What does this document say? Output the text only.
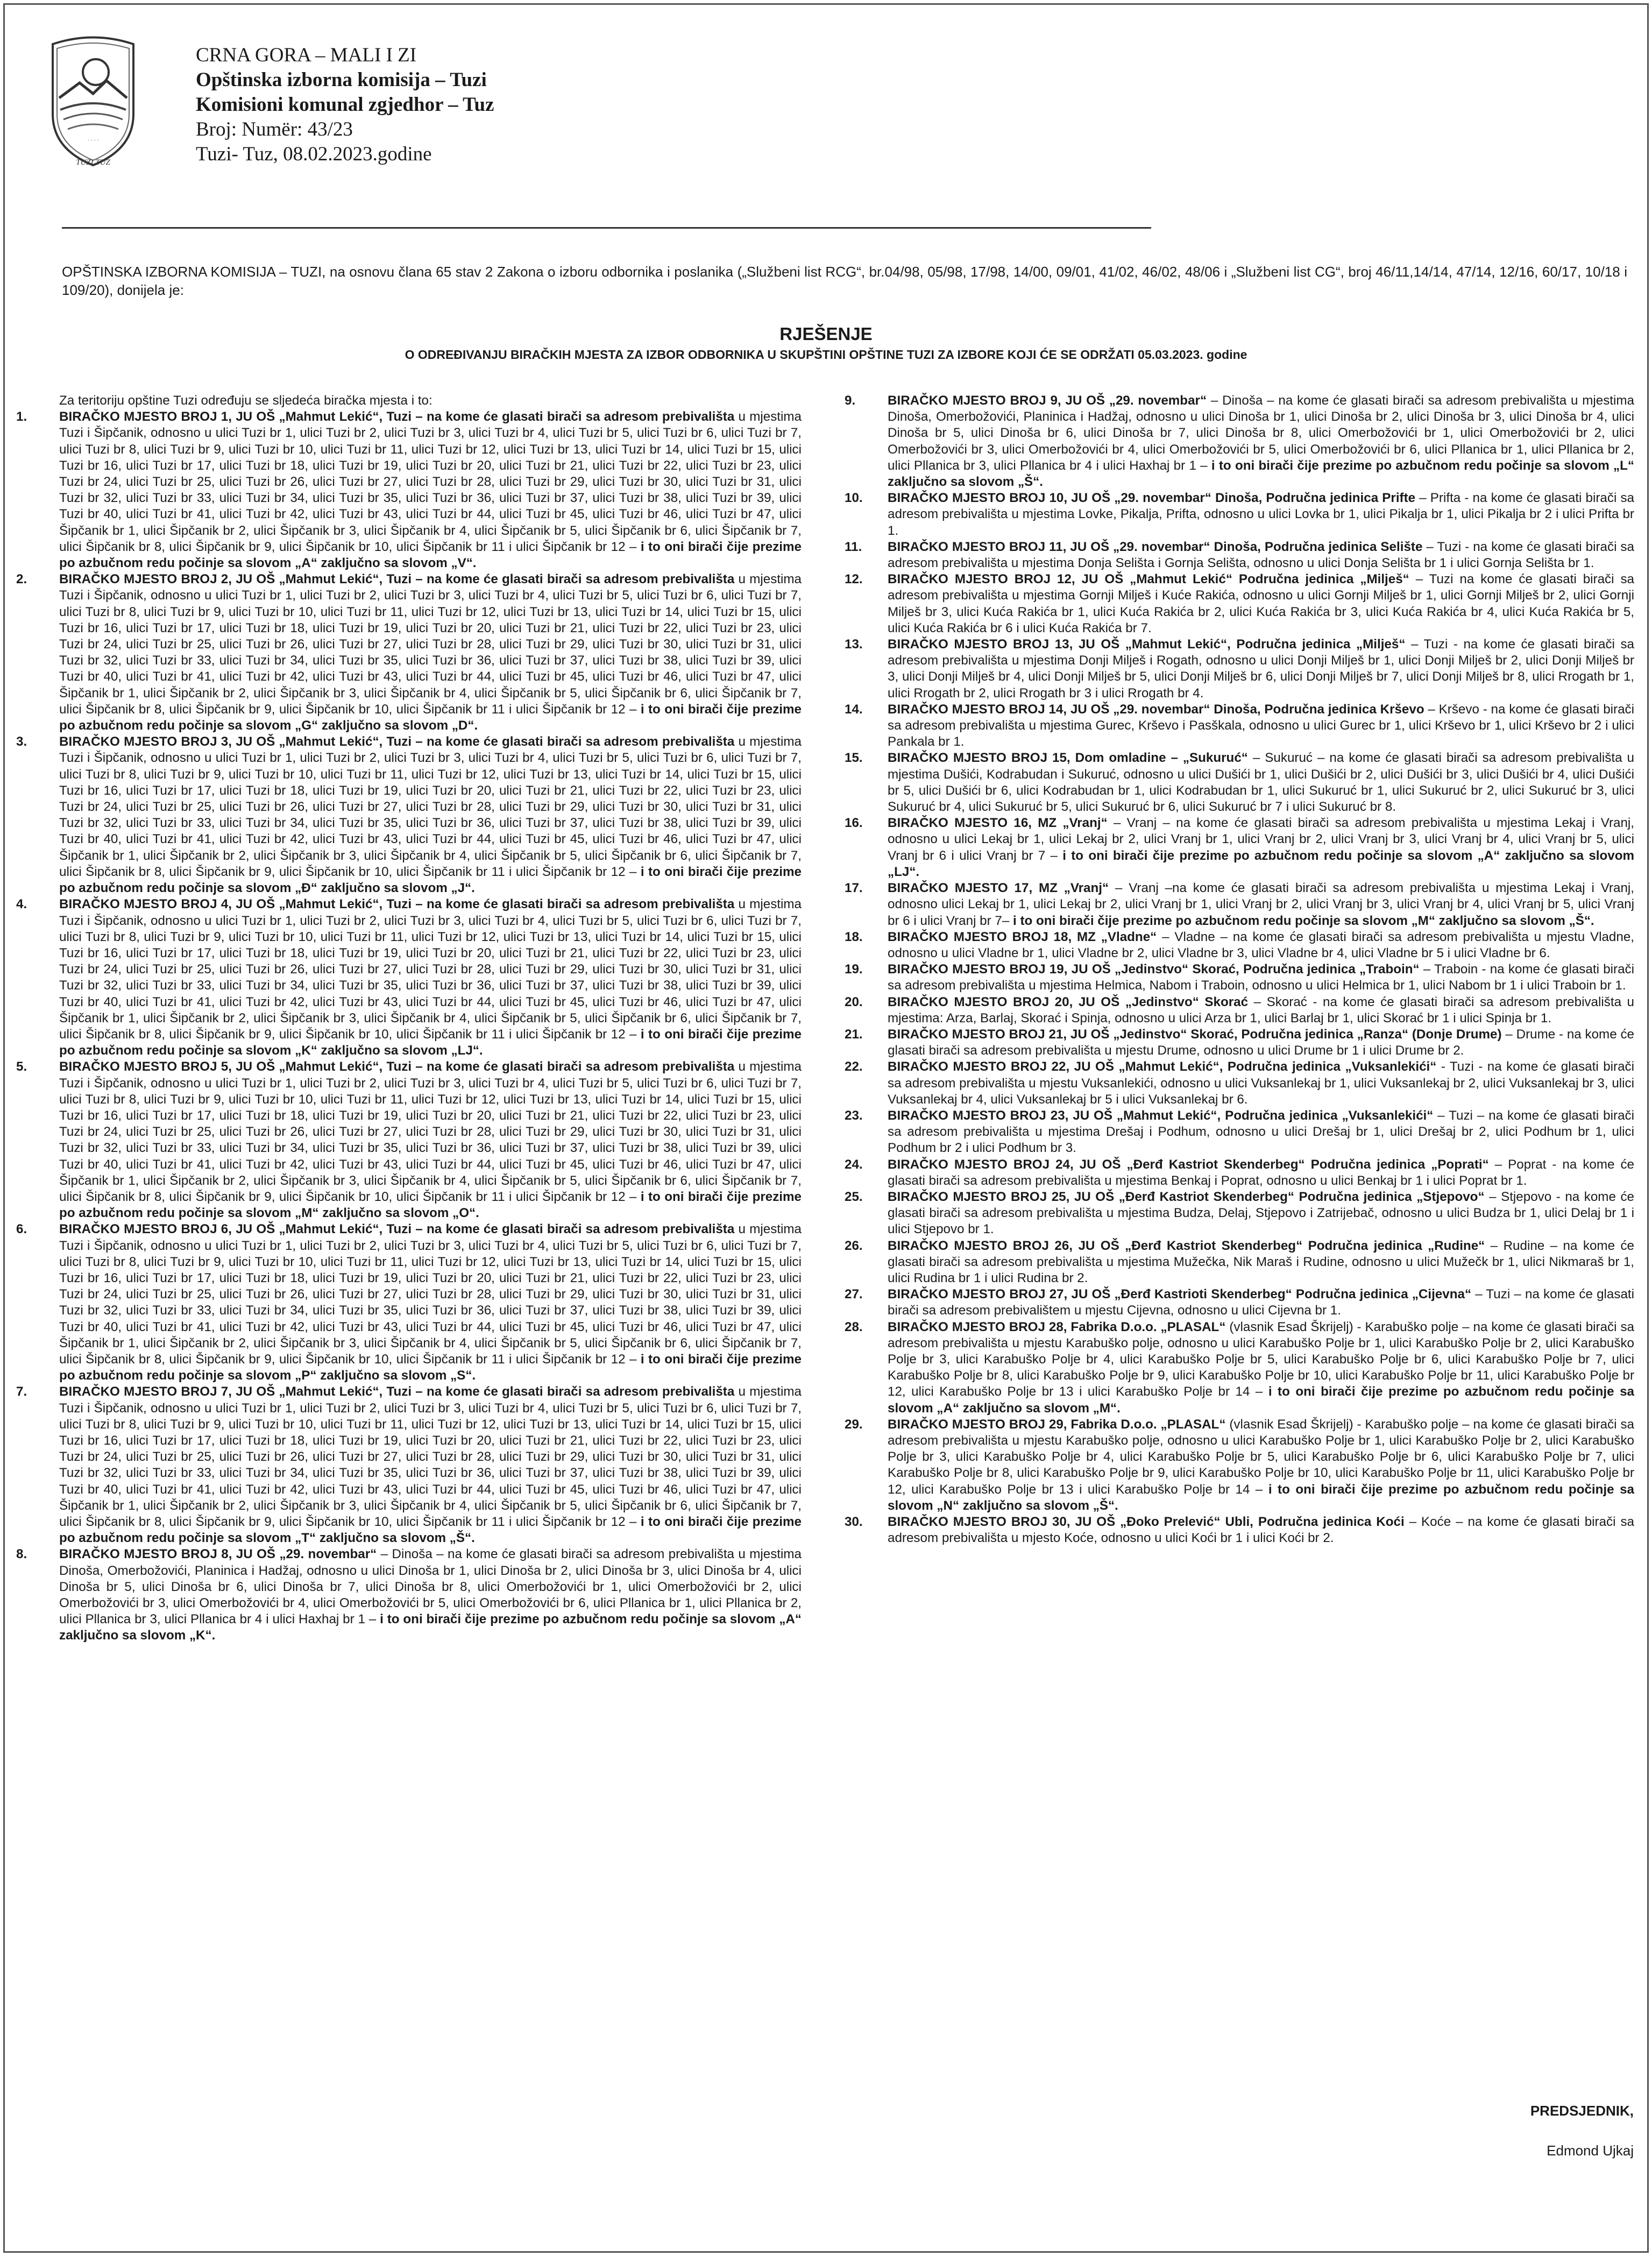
· · · ·
TUZI TUZ
CRNA GORA – MALI I ZI
Opštinska izborna komisija – Tuzi
Komisioni komunal zgjedhor – Tuz
Broj: Numër: 43/23
Tuzi- Tuz, 08.02.2023.godine
OPŠTINSKA IZBORNA KOMISIJA – TUZI, na osnovu člana 65 stav 2 Zakona o izboru odbornika i poslanika („Službeni list RCG“, br.04/98, 05/98, 17/98, 14/00, 09/01, 41/02, 46/02, 48/06 i „Službeni list CG“, broj 46/11,14/14, 47/14, 12/16, 60/17, 10/18 i 109/20), donijela je:
RJEŠENJE
O ODREĐIVANJU BIRAČKIH MJESTA ZA IZBOR ODBORNIKA U SKUPŠTINI OPŠTINE TUZI ZA IZBORE KOJI ĆE SE ODRŽATI 05.03.2023. godine
Za teritoriju opštine Tuzi određuju se sljedeća biračka mjesta i to:
1. BIRAČKO MJESTO BROJ 1, JU OŠ „Mahmut Lekić“, Tuzi – na kome će glasati birači sa adresom prebivališta u mjestima Tuzi i Šipčanik, odnosno u ulici Tuzi br 1, ulici Tuzi br 2, ulici Tuzi br 3, ulici Tuzi br 4, ulici Tuzi br 5, ulici Tuzi br 6, ulici Tuzi br 7, ulici Tuzi br 8, ulici Tuzi br 9, ulici Tuzi br 10, ulici Tuzi br 11, ulici Tuzi br 12, ulici Tuzi br 13, ulici Tuzi br 14, ulici Tuzi br 15, ulici Tuzi br 16, ulici Tuzi br 17, ulici Tuzi br 18, ulici Tuzi br 19, ulici Tuzi br 20, ulici Tuzi br 21, ulici Tuzi br 22, ulici Tuzi br 23, ulici Tuzi br 24, ulici Tuzi br 25, ulici Tuzi br 26, ulici Tuzi br 27, ulici Tuzi br 28, ulici Tuzi br 29, ulici Tuzi br 30, ulici Tuzi br 31, ulici Tuzi br 32, ulici Tuzi br 33, ulici Tuzi br 34, ulici Tuzi br 35, ulici Tuzi br 36, ulici Tuzi br 37, ulici Tuzi br 38, ulici Tuzi br 39, ulici Tuzi br 40, ulici Tuzi br 41, ulici Tuzi br 42, ulici Tuzi br 43, ulici Tuzi br 44, ulici Tuzi br 45, ulici Tuzi br 46, ulici Tuzi br 47, ulici Šipčanik br 1, ulici Šipčanik br 2, ulici Šipčanik br 3, ulici Šipčanik br 4, ulici Šipčanik br 5, ulici Šipčanik br 6, ulici Šipčanik br 7, ulici Šipčanik br 8, ulici Šipčanik br 9, ulici Šipčanik br 10, ulici Šipčanik br 11 i ulici Šipčanik br 12 – i to oni birači čije prezime po azbučnom redu počinje sa slovom „A“ zaključno sa slovom „V“.
2. BIRAČKO MJESTO BROJ 2, JU OŠ „Mahmut Lekić“, Tuzi – na kome će glasati birači sa adresom prebivališta u mjestima Tuzi i Šipčanik, odnosno u ulici Tuzi br 1, ulici Tuzi br 2, ulici Tuzi br 3, ulici Tuzi br 4, ulici Tuzi br 5, ulici Tuzi br 6, ulici Tuzi br 7, ulici Tuzi br 8, ulici Tuzi br 9, ulici Tuzi br 10, ulici Tuzi br 11, ulici Tuzi br 12, ulici Tuzi br 13, ulici Tuzi br 14, ulici Tuzi br 15, ulici Tuzi br 16, ulici Tuzi br 17, ulici Tuzi br 18, ulici Tuzi br 19, ulici Tuzi br 20, ulici Tuzi br 21, ulici Tuzi br 22, ulici Tuzi br 23, ulici Tuzi br 24, ulici Tuzi br 25, ulici Tuzi br 26, ulici Tuzi br 27, ulici Tuzi br 28, ulici Tuzi br 29, ulici Tuzi br 30, ulici Tuzi br 31, ulici Tuzi br 32, ulici Tuzi br 33, ulici Tuzi br 34, ulici Tuzi br 35, ulici Tuzi br 36, ulici Tuzi br 37, ulici Tuzi br 38, ulici Tuzi br 39, ulici Tuzi br 40, ulici Tuzi br 41, ulici Tuzi br 42, ulici Tuzi br 43, ulici Tuzi br 44, ulici Tuzi br 45, ulici Tuzi br 46, ulici Tuzi br 47, ulici Šipčanik br 1, ulici Šipčanik br 2, ulici Šipčanik br 3, ulici Šipčanik br 4, ulici Šipčanik br 5, ulici Šipčanik br 6, ulici Šipčanik br 7, ulici Šipčanik br 8, ulici Šipčanik br 9, ulici Šipčanik br 10, ulici Šipčanik br 11 i ulici Šipčanik br 12 – i to oni birači čije prezime po azbučnom redu počinje sa slovom „G“ zaključno sa slovom „D“.
3. BIRAČKO MJESTO BROJ 3, JU OŠ „Mahmut Lekić“, Tuzi – na kome će glasati birači sa adresom prebivališta u mjestima Tuzi i Šipčanik, odnosno u ulici Tuzi br 1, ulici Tuzi br 2, ulici Tuzi br 3, ulici Tuzi br 4, ulici Tuzi br 5, ulici Tuzi br 6, ulici Tuzi br 7, ulici Tuzi br 8, ulici Tuzi br 9, ulici Tuzi br 10, ulici Tuzi br 11, ulici Tuzi br 12, ulici Tuzi br 13, ulici Tuzi br 14, ulici Tuzi br 15, ulici Tuzi br 16, ulici Tuzi br 17, ulici Tuzi br 18, ulici Tuzi br 19, ulici Tuzi br 20, ulici Tuzi br 21, ulici Tuzi br 22, ulici Tuzi br 23, ulici Tuzi br 24, ulici Tuzi br 25, ulici Tuzi br 26, ulici Tuzi br 27, ulici Tuzi br 28, ulici Tuzi br 29, ulici Tuzi br 30, ulici Tuzi br 31, ulici Tuzi br 32, ulici Tuzi br 33, ulici Tuzi br 34, ulici Tuzi br 35, ulici Tuzi br 36, ulici Tuzi br 37, ulici Tuzi br 38, ulici Tuzi br 39, ulici Tuzi br 40, ulici Tuzi br 41, ulici Tuzi br 42, ulici Tuzi br 43, ulici Tuzi br 44, ulici Tuzi br 45, ulici Tuzi br 46, ulici Tuzi br 47, ulici Šipčanik br 1, ulici Šipčanik br 2, ulici Šipčanik br 3, ulici Šipčanik br 4, ulici Šipčanik br 5, ulici Šipčanik br 6, ulici Šipčanik br 7, ulici Šipčanik br 8, ulici Šipčanik br 9, ulici Šipčanik br 10, ulici Šipčanik br 11 i ulici Šipčanik br 12 – i to oni birači čije prezime po azbučnom redu počinje sa slovom „Đ“ zaključno sa slovom „J“.
4. BIRAČKO MJESTO BROJ 4, JU OŠ „Mahmut Lekić“, Tuzi – na kome će glasati birači sa adresom prebivališta u mjestima Tuzi i Šipčanik, odnosno u ulici Tuzi br 1, ulici Tuzi br 2, ulici Tuzi br 3, ulici Tuzi br 4, ulici Tuzi br 5, ulici Tuzi br 6, ulici Tuzi br 7, ulici Tuzi br 8, ulici Tuzi br 9, ulici Tuzi br 10, ulici Tuzi br 11, ulici Tuzi br 12, ulici Tuzi br 13, ulici Tuzi br 14, ulici Tuzi br 15, ulici Tuzi br 16, ulici Tuzi br 17, ulici Tuzi br 18, ulici Tuzi br 19, ulici Tuzi br 20, ulici Tuzi br 21, ulici Tuzi br 22, ulici Tuzi br 23, ulici Tuzi br 24, ulici Tuzi br 25, ulici Tuzi br 26, ulici Tuzi br 27, ulici Tuzi br 28, ulici Tuzi br 29, ulici Tuzi br 30, ulici Tuzi br 31, ulici Tuzi br 32, ulici Tuzi br 33, ulici Tuzi br 34, ulici Tuzi br 35, ulici Tuzi br 36, ulici Tuzi br 37, ulici Tuzi br 38, ulici Tuzi br 39, ulici Tuzi br 40, ulici Tuzi br 41, ulici Tuzi br 42, ulici Tuzi br 43, ulici Tuzi br 44, ulici Tuzi br 45, ulici Tuzi br 46, ulici Tuzi br 47, ulici Šipčanik br 1, ulici Šipčanik br 2, ulici Šipčanik br 3, ulici Šipčanik br 4, ulici Šipčanik br 5, ulici Šipčanik br 6, ulici Šipčanik br 7, ulici Šipčanik br 8, ulici Šipčanik br 9, ulici Šipčanik br 10, ulici Šipčanik br 11 i ulici Šipčanik br 12 – i to oni birači čije prezime po azbučnom redu počinje sa slovom „K“ zaključno sa slovom „LJ“.
5. BIRAČKO MJESTO BROJ 5, JU OŠ „Mahmut Lekić“, Tuzi – na kome će glasati birači sa adresom prebivališta u mjestima Tuzi i Šipčanik, odnosno u ulici Tuzi br 1, ulici Tuzi br 2, ulici Tuzi br 3, ulici Tuzi br 4, ulici Tuzi br 5, ulici Tuzi br 6, ulici Tuzi br 7, ulici Tuzi br 8, ulici Tuzi br 9, ulici Tuzi br 10, ulici Tuzi br 11, ulici Tuzi br 12, ulici Tuzi br 13, ulici Tuzi br 14, ulici Tuzi br 15, ulici Tuzi br 16, ulici Tuzi br 17, ulici Tuzi br 18, ulici Tuzi br 19, ulici Tuzi br 20, ulici Tuzi br 21, ulici Tuzi br 22, ulici Tuzi br 23, ulici Tuzi br 24, ulici Tuzi br 25, ulici Tuzi br 26, ulici Tuzi br 27, ulici Tuzi br 28, ulici Tuzi br 29, ulici Tuzi br 30, ulici Tuzi br 31, ulici Tuzi br 32, ulici Tuzi br 33, ulici Tuzi br 34, ulici Tuzi br 35, ulici Tuzi br 36, ulici Tuzi br 37, ulici Tuzi br 38, ulici Tuzi br 39, ulici Tuzi br 40, ulici Tuzi br 41, ulici Tuzi br 42, ulici Tuzi br 43, ulici Tuzi br 44, ulici Tuzi br 45, ulici Tuzi br 46, ulici Tuzi br 47, ulici Šipčanik br 1, ulici Šipčanik br 2, ulici Šipčanik br 3, ulici Šipčanik br 4, ulici Šipčanik br 5, ulici Šipčanik br 6, ulici Šipčanik br 7, ulici Šipčanik br 8, ulici Šipčanik br 9, ulici Šipčanik br 10, ulici Šipčanik br 11 i ulici Šipčanik br 12 – i to oni birači čije prezime po azbučnom redu počinje sa slovom „M“ zaključno sa slovom „O“.
6. BIRAČKO MJESTO BROJ 6, JU OŠ „Mahmut Lekić“, Tuzi – na kome će glasati birači sa adresom prebivališta u mjestima Tuzi i Šipčanik, odnosno u ulici Tuzi br 1, ulici Tuzi br 2, ulici Tuzi br 3, ulici Tuzi br 4, ulici Tuzi br 5, ulici Tuzi br 6, ulici Tuzi br 7, ulici Tuzi br 8, ulici Tuzi br 9, ulici Tuzi br 10, ulici Tuzi br 11, ulici Tuzi br 12, ulici Tuzi br 13, ulici Tuzi br 14, ulici Tuzi br 15, ulici Tuzi br 16, ulici Tuzi br 17, ulici Tuzi br 18, ulici Tuzi br 19, ulici Tuzi br 20, ulici Tuzi br 21, ulici Tuzi br 22, ulici Tuzi br 23, ulici Tuzi br 24, ulici Tuzi br 25, ulici Tuzi br 26, ulici Tuzi br 27, ulici Tuzi br 28, ulici Tuzi br 29, ulici Tuzi br 30, ulici Tuzi br 31, ulici Tuzi br 32, ulici Tuzi br 33, ulici Tuzi br 34, ulici Tuzi br 35, ulici Tuzi br 36, ulici Tuzi br 37, ulici Tuzi br 38, ulici Tuzi br 39, ulici Tuzi br 40, ulici Tuzi br 41, ulici Tuzi br 42, ulici Tuzi br 43, ulici Tuzi br 44, ulici Tuzi br 45, ulici Tuzi br 46, ulici Tuzi br 47, ulici Šipčanik br 1, ulici Šipčanik br 2, ulici Šipčanik br 3, ulici Šipčanik br 4, ulici Šipčanik br 5, ulici Šipčanik br 6, ulici Šipčanik br 7, ulici Šipčanik br 8, ulici Šipčanik br 9, ulici Šipčanik br 10, ulici Šipčanik br 11 i ulici Šipčanik br 12 – i to oni birači čije prezime po azbučnom redu počinje sa slovom „P“ zaključno sa slovom „S“.
7. BIRAČKO MJESTO BROJ 7, JU OŠ „Mahmut Lekić“, Tuzi – na kome će glasati birači sa adresom prebivališta u mjestima Tuzi i Šipčanik, odnosno u ulici Tuzi br 1, ulici Tuzi br 2, ulici Tuzi br 3, ulici Tuzi br 4, ulici Tuzi br 5, ulici Tuzi br 6, ulici Tuzi br 7, ulici Tuzi br 8, ulici Tuzi br 9, ulici Tuzi br 10, ulici Tuzi br 11, ulici Tuzi br 12, ulici Tuzi br 13, ulici Tuzi br 14, ulici Tuzi br 15, ulici Tuzi br 16, ulici Tuzi br 17, ulici Tuzi br 18, ulici Tuzi br 19, ulici Tuzi br 20, ulici Tuzi br 21, ulici Tuzi br 22, ulici Tuzi br 23, ulici Tuzi br 24, ulici Tuzi br 25, ulici Tuzi br 26, ulici Tuzi br 27, ulici Tuzi br 28, ulici Tuzi br 29, ulici Tuzi br 30, ulici Tuzi br 31, ulici Tuzi br 32, ulici Tuzi br 33, ulici Tuzi br 34, ulici Tuzi br 35, ulici Tuzi br 36, ulici Tuzi br 37, ulici Tuzi br 38, ulici Tuzi br 39, ulici Tuzi br 40, ulici Tuzi br 41, ulici Tuzi br 42, ulici Tuzi br 43, ulici Tuzi br 44, ulici Tuzi br 45, ulici Tuzi br 46, ulici Tuzi br 47, ulici Šipčanik br 1, ulici Šipčanik br 2, ulici Šipčanik br 3, ulici Šipčanik br 4, ulici Šipčanik br 5, ulici Šipčanik br 6, ulici Šipčanik br 7, ulici Šipčanik br 8, ulici Šipčanik br 9, ulici Šipčanik br 10, ulici Šipčanik br 11 i ulici Šipčanik br 12 – i to oni birači čije prezime po azbučnom redu počinje sa slovom „T“ zaključno sa slovom „Š“.
8. BIRAČKO MJESTO BROJ 8, JU OŠ „29. novembar“ – Dinoša – na kome će glasati birači sa adresom prebivališta u mjestima Dinoša, Omerbožovići, Planinica i Hadžaj, odnosno u ulici Dinoša br 1, ulici Dinoša br 2, ulici Dinoša br 3, ulici Dinoša br 4, ulici Dinoša br 5, ulici Dinoša br 6, ulici Dinoša br 7, ulici Dinoša br 8, ulici Omerbožovići br 1, ulici Omerbožovići br 2, ulici Omerbožovići br 3, ulici Omerbožovići br 4, ulici Omerbožovići br 5, ulici Omerbožovići br 6, ulici Pllanica br 1, ulici Pllanica br 2, ulici Pllanica br 3, ulici Pllanica br 4 i ulici Haxhaj br 1 – i to oni birači čije prezime po azbučnom redu počinje sa slovom „A“ zaključno sa slovom „K“.
9. BIRAČKO MJESTO BROJ 9, JU OŠ „29. novembar“ – Dinoša – na kome će glasati birači sa adresom prebivališta u mjestima Dinoša, Omerbožovići, Planinica i Hadžaj, odnosno u ulici Dinoša br 1, ulici Dinoša br 2, ulici Dinoša br 3, ulici Dinoša br 4, ulici Dinoša br 5, ulici Dinoša br 6, ulici Dinoša br 7, ulici Dinoša br 8, ulici Omerbožovići br 1, ulici Omerbožovići br 2, ulici Omerbožovići br 3, ulici Omerbožovići br 4, ulici Omerbožovići br 5, ulici Omerbožovići br 6, ulici Pllanica br 1, ulici Pllanica br 2, ulici Pllanica br 3, ulici Pllanica br 4 i ulici Haxhaj br 1 – i to oni birači čije prezime po azbučnom redu počinje sa slovom „L“ zaključno sa slovom „Š“.
10. BIRAČKO MJESTO BROJ 10, JU OŠ „29. novembar“ Dinoša, Područna jedinica Prifte – Prifta - na kome će glasati birači sa adresom prebivališta u mjestima Lovke, Pikalja, Prifta, odnosno u ulici Lovka br 1, ulici Pikalja br 1, ulici Pikalja br 2 i ulici Prifta br 1.
11. BIRAČKO MJESTO BROJ 11, JU OŠ „29. novembar“ Dinoša, Područna jedinica Selište – Tuzi - na kome će glasati birači sa adresom prebivališta u mjestima Donja Selišta i Gornja Selišta, odnosno u ulici Donja Selišta br 1 i ulici Gornja Selišta br 1.
12. BIRAČKO MJESTO BROJ 12, JU OŠ „Mahmut Lekić“ Područna jedinica „Milješ“ – Tuzi na kome će glasati birači sa adresom prebivališta u mjestima Gornji Milješ i Kuće Rakića, odnosno u ulici Gornji Milješ br 1, ulici Gornji Milješ br 2, ulici Gornji Milješ br 3, ulici Kuća Rakića br 1, ulici Kuća Rakića br 2, ulici Kuća Rakića br 3, ulici Kuća Rakića br 4, ulici Kuća Rakića br 5, ulici Kuća Rakića br 6 i ulici Kuća Rakića br 7.
13. BIRAČKO MJESTO BROJ 13, JU OŠ „Mahmut Lekić“, Područna jedinica „Milješ“ – Tuzi - na kome će glasati birači sa adresom prebivališta u mjestima Donji Milješ i Rogath, odnosno u ulici Donji Milješ br 1, ulici Donji Milješ br 2, ulici Donji Milješ br 3, ulici Donji Milješ br 4, ulici Donji Milješ br 5, ulici Donji Milješ br 6, ulici Donji Milješ br 7, ulici Donji Milješ br 8, ulici Rrogath br 1, ulici Rrogath br 2, ulici Rrogath br 3 i ulici Rrogath br 4.
14. BIRAČKO MJESTO BROJ 14, JU OŠ „29. novembar“ Dinoša, Područna jedinica Krševo – Krševo - na kome će glasati birači sa adresom prebivališta u mjestima Gurec, Krševo i Pasškala, odnosno u ulici Gurec br 1, ulici Krševo br 1, ulici Krševo br 2 i ulici Pankala br 1.
15. BIRAČKO MJESTO BROJ 15, Dom omladine – „Sukuruć“ – Sukuruć – na kome će glasati birači sa adresom prebivališta u mjestima Dušići, Kodrabudan i Sukuruć, odnosno u ulici Dušići br 1, ulici Dušići br 2, ulici Dušići br 3, ulici Dušići br 4, ulici Dušići br 5, ulici Dušići br 6, ulici Kodrabudan br 1, ulici Kodrabudan br 1, ulici Sukuruć br 1, ulici Sukuruć br 2, ulici Sukuruć br 3, ulici Sukuruć br 4, ulici Sukuruć br 5, ulici Sukuruć br 6, ulici Sukuruć br 7 i ulici Sukuruć br 8.
16. BIRAČKO MJESTO 16, MZ „Vranj“ – Vranj – na kome će glasati birači sa adresom prebivališta u mjestima Lekaj i Vranj, odnosno u ulici Lekaj br 1, ulici Lekaj br 2, ulici Vranj br 1, ulici Vranj br 2, ulici Vranj br 3, ulici Vranj br 4, ulici Vranj br 5, ulici Vranj br 6 i ulici Vranj br 7 – i to oni birači čije prezime po azbučnom redu počinje sa slovom „A“ zaključno sa slovom „LJ“.
17. BIRAČKO MJESTO 17, MZ „Vranj“ – Vranj –na kome će glasati birači sa adresom prebivališta u mjestima Lekaj i Vranj, odnosno ulici Lekaj br 1, ulici Lekaj br 2, ulici Vranj br 1, ulici Vranj br 2, ulici Vranj br 3, ulici Vranj br 4, ulici Vranj br 5, ulici Vranj br 6 i ulici Vranj br 7– i to oni birači čije prezime po azbučnom redu počinje sa slovom „M“ zaključno sa slovom „Š“.
18. BIRAČKO MJESTO BROJ 18, MZ „Vladne“ – Vladne – na kome će glasati birači sa adresom prebivališta u mjestu Vladne, odnosno u ulici Vladne br 1, ulici Vladne br 2, ulici Vladne br 3, ulici Vladne br 4, ulici Vladne br 5 i ulici Vladne br 6.
19. BIRAČKO MJESTO BROJ 19, JU OŠ „Jedinstvo“ Skorać, Područna jedinica „Traboin“ – Traboin - na kome će glasati birači sa adresom prebivališta u mjestima Helmica, Nabom i Traboin, odnosno u ulici Helmica br 1, ulici Nabom br 1 i ulici Traboin br 1.
20. BIRAČKO MJESTO BROJ 20, JU OŠ „Jedinstvo“ Skorać – Skorać - na kome će glasati birači sa adresom prebivališta u mjestima: Arza, Barlaj, Skorać i Spinja, odnosno u ulici Arza br 1, ulici Barlaj br 1, ulici Skorać br 1 i ulici Spinja br 1.
21. BIRAČKO MJESTO BROJ 21, JU OŠ „Jedinstvo“ Skorać, Područna jedinica „Ranza“ (Donje Drume) – Drume - na kome će glasati birači sa adresom prebivališta u mjestu Drume, odnosno u ulici Drume br 1 i ulici Drume br 2.
22. BIRAČKO MJESTO BROJ 22, JU OŠ „Mahmut Lekić“, Područna jedinica „Vuksanlekići“ - Tuzi - na kome će glasati birači sa adresom prebivališta u mjestu Vuksanlekići, odnosno u ulici Vuksanlekaj br 1, ulici Vuksanlekaj br 2, ulici Vuksanlekaj br 3, ulici Vuksanlekaj br 4, ulici Vuksanlekaj br 5 i ulici Vuksanlekaj br 6.
23. BIRAČKO MJESTO BROJ 23, JU OŠ „Mahmut Lekić“, Područna jedinica „Vuksanlekići“ – Tuzi – na kome će glasati birači sa adresom prebivališta u mjestima Drešaj i Podhum, odnosno u ulici Drešaj br 1, ulici Drešaj br 2, ulici Podhum br 1, ulici Podhum br 2 i ulici Podhum br 3.
24. BIRAČKO MJESTO BROJ 24, JU OŠ „Đerđ Kastriot Skenderbeg“ Područna jedinica „Poprati“ – Poprat - na kome će glasati birači sa adresom prebivališta u mjestima Benkaj i Poprat, odnosno u ulici Benkaj br 1 i ulici Poprat br 1.
25. BIRAČKO MJESTO BROJ 25, JU OŠ „Đerđ Kastriot Skenderbeg“ Područna jedinica „Stjepovo“ – Stjepovo - na kome će glasati birači sa adresom prebivališta u mjestima Budza, Delaj, Stjepovo i Zatrijebač, odnosno u ulici Budza br 1, ulici Delaj br 1 i ulici Stjepovo br 1.
26. BIRAČKO MJESTO BROJ 26, JU OŠ „Đerđ Kastriot Skenderbeg“ Područna jedinica „Rudine“ – Rudine – na kome će glasati birači sa adresom prebivališta u mjestima Mužečka, Nik Maraš i Rudine, odnosno u ulici Mužečk br 1, ulici Nikmaraš br 1, ulici Rudina br 1 i ulici Rudina br 2.
27. BIRAČKO MJESTO BROJ 27, JU OŠ „Đerđ Kastrioti Skenderbeg“ Područna jedinica „Cijevna“ – Tuzi – na kome će glasati birači sa adresom prebivalištem u mjestu Cijevna, odnosno u ulici Cijevna br 1.
28. BIRAČKO MJESTO BROJ 28, Fabrika D.o.o. „PLASAL“ (vlasnik Esad Škrijelj) - Karabuško polje – na kome će glasati birači sa adresom prebivališta u mjestu Karabuško polje, odnosno u ulici Karabuško Polje br 1, ulici Karabuško Polje br 2, ulici Karabuško Polje br 3, ulici Karabuško Polje br 4, ulici Karabuško Polje br 5, ulici Karabuško Polje br 6, ulici Karabuško Polje br 7, ulici Karabuško Polje br 8, ulici Karabuško Polje br 9, ulici Karabuško Polje br 10, ulici Karabuško Polje br 11, ulici Karabuško Polje br 12, ulici Karabuško Polje br 13 i ulici Karabuško Polje br 14 – i to oni birači čije prezime po azbučnom redu počinje sa slovom „A“ zaključno sa slovom „M“.
29. BIRAČKO MJESTO BROJ 29, Fabrika D.o.o. „PLASAL“ (vlasnik Esad Škrijelj) - Karabuško polje – na kome će glasati birači sa adresom prebivališta u mjestu Karabuško polje, odnosno u ulici Karabuško Polje br 1, ulici Karabuško Polje br 2, ulici Karabuško Polje br 3, ulici Karabuško Polje br 4, ulici Karabuško Polje br 5, ulici Karabuško Polje br 6, ulici Karabuško Polje br 7, ulici Karabuško Polje br 8, ulici Karabuško Polje br 9, ulici Karabuško Polje br 10, ulici Karabuško Polje br 11, ulici Karabuško Polje br 12, ulici Karabuško Polje br 13 i ulici Karabuško Polje br 14 – i to oni birači čije prezime po azbučnom redu počinje sa slovom „N“ zaključno sa slovom „Š“.
30. BIRAČKO MJESTO BROJ 30, JU OŠ „Đoko Prelević“ Ubli, Područna jedinica Koći – Koće – na kome će glasati birači sa adresom prebivališta u mjesto Koće, odnosno u ulici Koći br 1 i ulici Koći br 2.
PREDSJEDNIK,
Edmond Ujkaj
